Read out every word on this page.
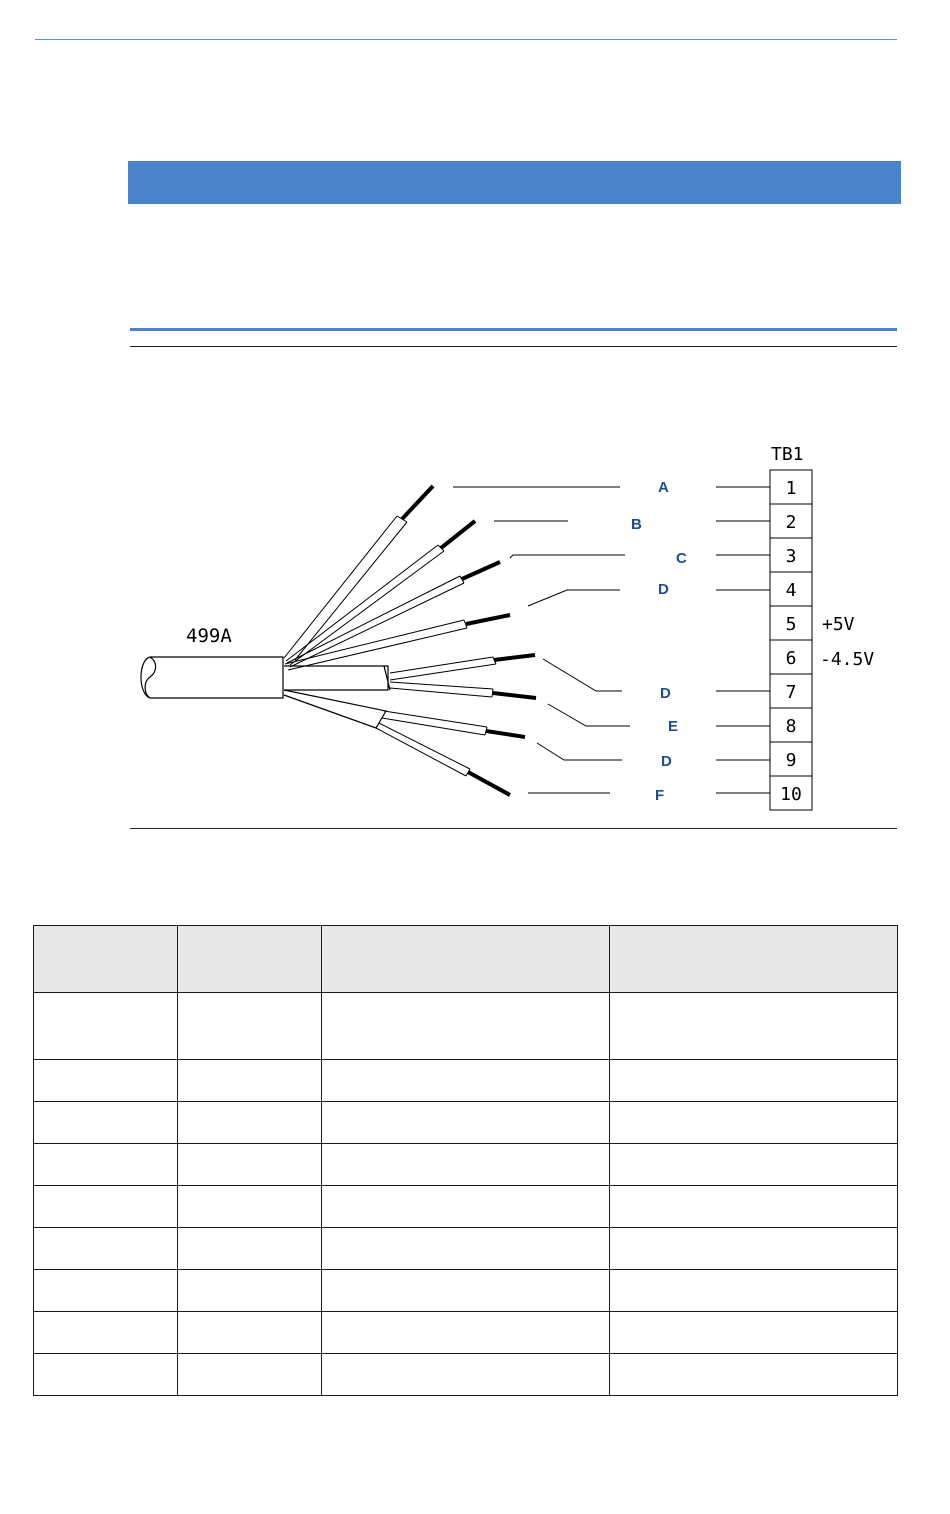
499A
A
B
C
D
D
E
D
F
TB1
1
2
3
4
5
6
7
8
9
10
+5V
-4.5V
